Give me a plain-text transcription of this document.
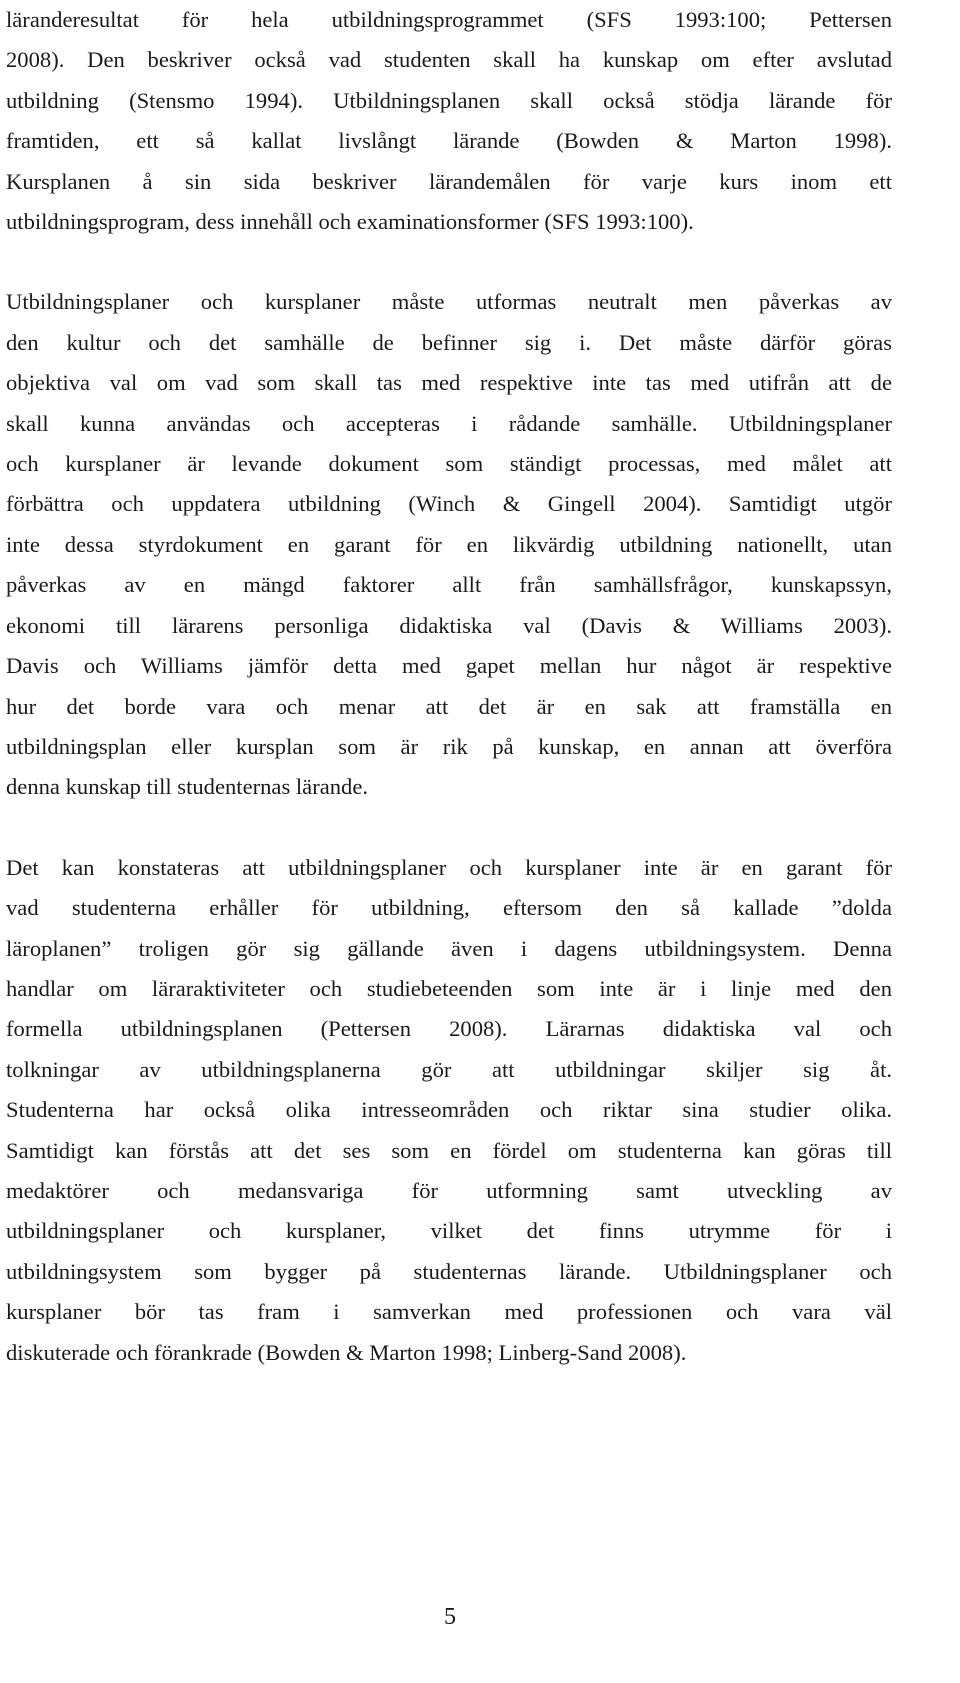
läranderesultat för hela utbildningsprogrammet (SFS 1993:100; Pettersen
2008). Den beskriver också vad studenten skall ha kunskap om efter avslutad
utbildning (Stensmo 1994). Utbildningsplanen skall också stödja lärande för
framtiden, ett så kallat livslångt lärande (Bowden & Marton 1998).
Kursplanen å sin sida beskriver lärandemålen för varje kurs inom ett
utbildningsprogram, dess innehåll och examinationsformer (SFS 1993:100).

Utbildningsplaner och kursplaner måste utformas neutralt men påverkas av
den kultur och det samhälle de befinner sig i. Det måste därför göras
objektiva val om vad som skall tas med respektive inte tas med utifrån att de
skall kunna användas och accepteras i rådande samhälle. Utbildningsplaner
och kursplaner är levande dokument som ständigt processas, med målet att
förbättra och uppdatera utbildning (Winch & Gingell 2004). Samtidigt utgör
inte dessa styrdokument en garant för en likvärdig utbildning nationellt, utan
påverkas av en mängd faktorer allt från samhällsfrågor, kunskapssyn,
ekonomi till lärarens personliga didaktiska val (Davis & Williams 2003).
Davis och Williams jämför detta med gapet mellan hur något är respektive
hur det borde vara och menar att det är en sak att framställa en
utbildningsplan eller kursplan som är rik på kunskap, en annan att överföra
denna kunskap till studenternas lärande.

Det kan konstateras att utbildningsplaner och kursplaner inte är en garant för
vad studenterna erhåller för utbildning, eftersom den så kallade ”dolda
läroplanen” troligen gör sig gällande även i dagens utbildningsystem. Denna
handlar om läraraktiviteter och studiebeteenden som inte är i linje med den
formella utbildningsplanen (Pettersen 2008). Lärarnas didaktiska val och
tolkningar av utbildningsplanerna gör att utbildningar skiljer sig åt.
Studenterna har också olika intresseområden och riktar sina studier olika.
Samtidigt kan förstås att det ses som en fördel om studenterna kan göras till
medaktörer och medansvariga för utformning samt utveckling av
utbildningsplaner och kursplaner, vilket det finns utrymme för i
utbildningsystem som bygger på studenternas lärande. Utbildningsplaner och
kursplaner bör tas fram i samverkan med professionen och vara väl
diskuterade och förankrade (Bowden & Marton 1998; Linberg-Sand 2008).

5
